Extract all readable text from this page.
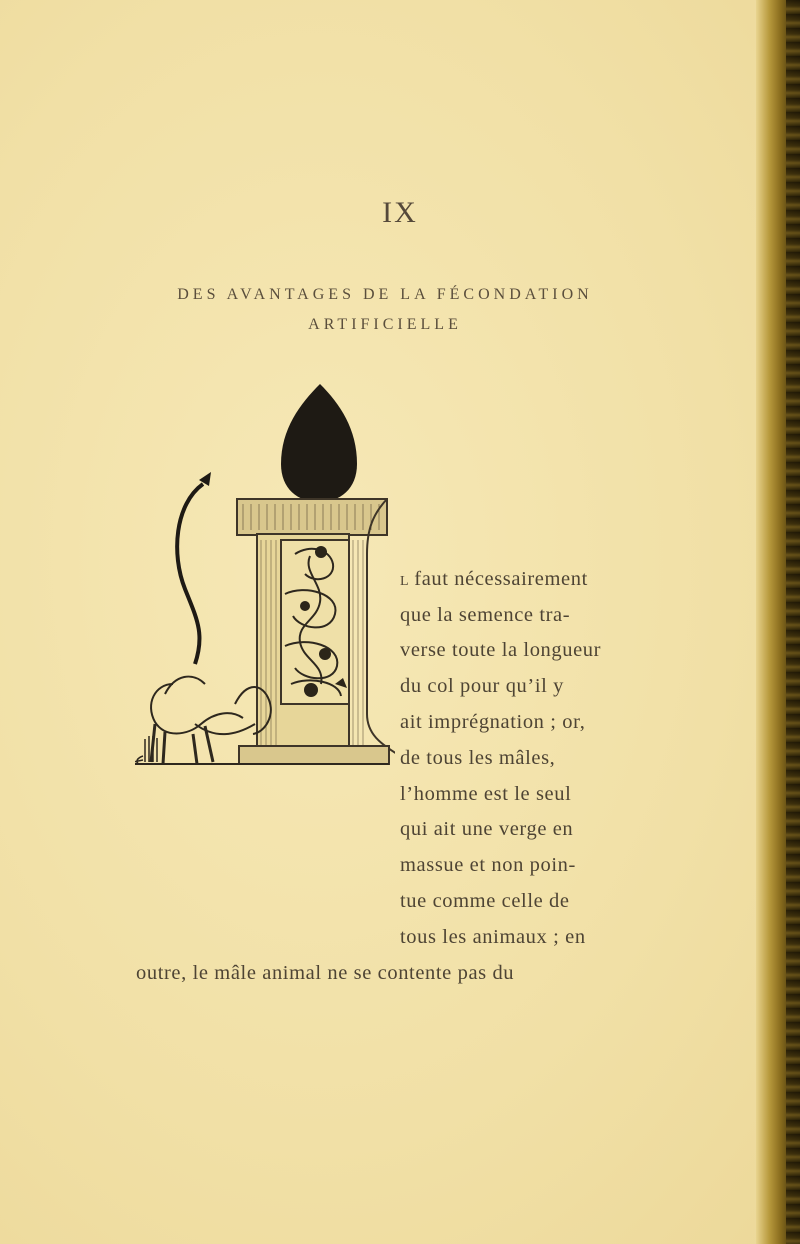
IX
DES AVANTAGES DE LA FÉCONDATION
ARTIFICIELLE
L faut nécessairement
que la semence tra-
verse toute la longueur
du col pour qu’il y
ait imprégnation ; or,
de tous les mâles,
l’homme est le seul
qui ait une verge en
massue et non poin-
tue comme celle de
tous les animaux ; en
outre, le mâle animal ne se contente pas du
